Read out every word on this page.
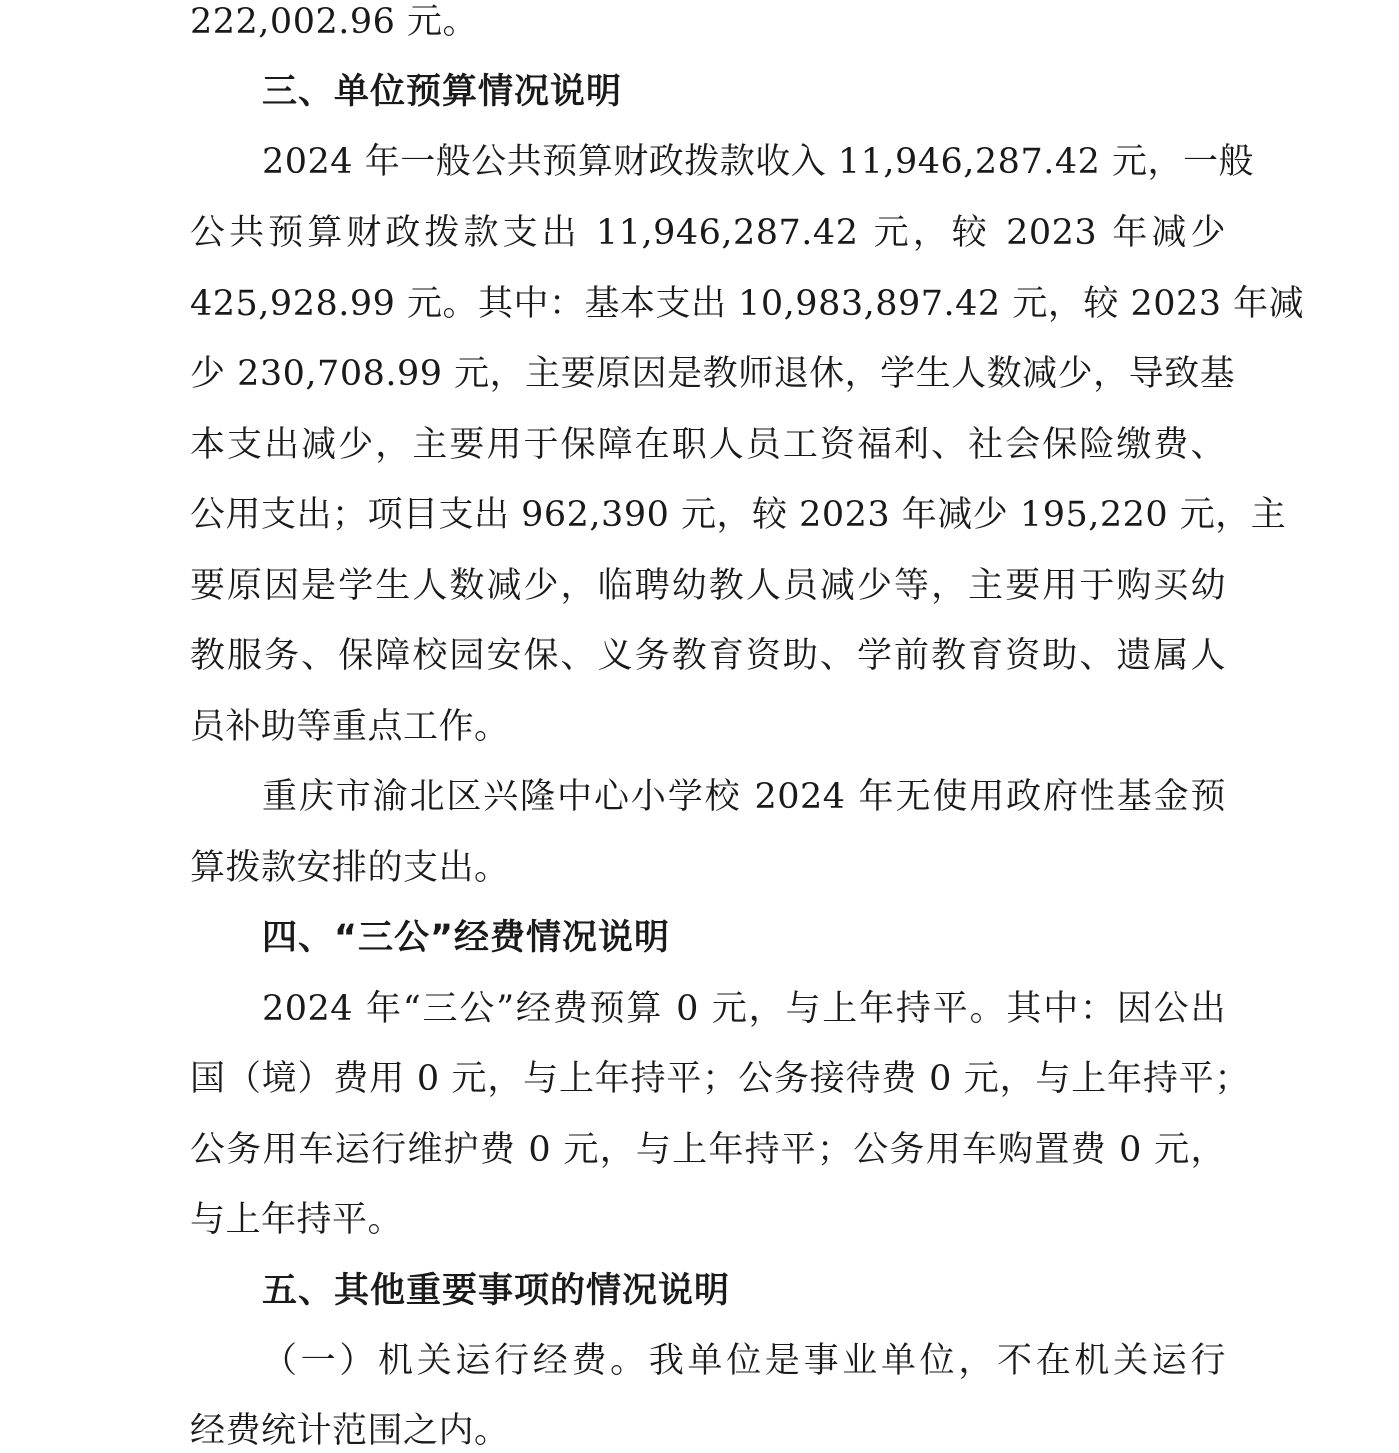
222,002.96 元。
三、单位预算情况说明
2024 年一般公共预算财政拨款收入 11,946,287.42 元，一般
公共预算财政拨款支出 11,946,287.42 元，较 2023 年减少
425,928.99 元。其中：基本支出 10,983,897.42 元，较 2023 年减
少 230,708.99 元，主要原因是教师退休，学生人数减少，导致基
本支出减少，主要用于保障在职人员工资福利、社会保险缴费、
公用支出；项目支出 962,390 元，较 2023 年减少 195,220 元，主
要原因是学生人数减少，临聘幼教人员减少等，主要用于购买幼
教服务、保障校园安保、义务教育资助、学前教育资助、遗属人
员补助等重点工作。
重庆市渝北区兴隆中心小学校 2024 年无使用政府性基金预
算拨款安排的支出。
四、“三公”经费情况说明
2024 年“三公”经费预算 0 元，与上年持平。其中：因公出
国（境）费用 0 元，与上年持平；公务接待费 0 元，与上年持平；
公务用车运行维护费 0 元，与上年持平；公务用车购置费 0 元，
与上年持平。
五、其他重要事项的情况说明
（一）机关运行经费。我单位是事业单位，不在机关运行
经费统计范围之内。
